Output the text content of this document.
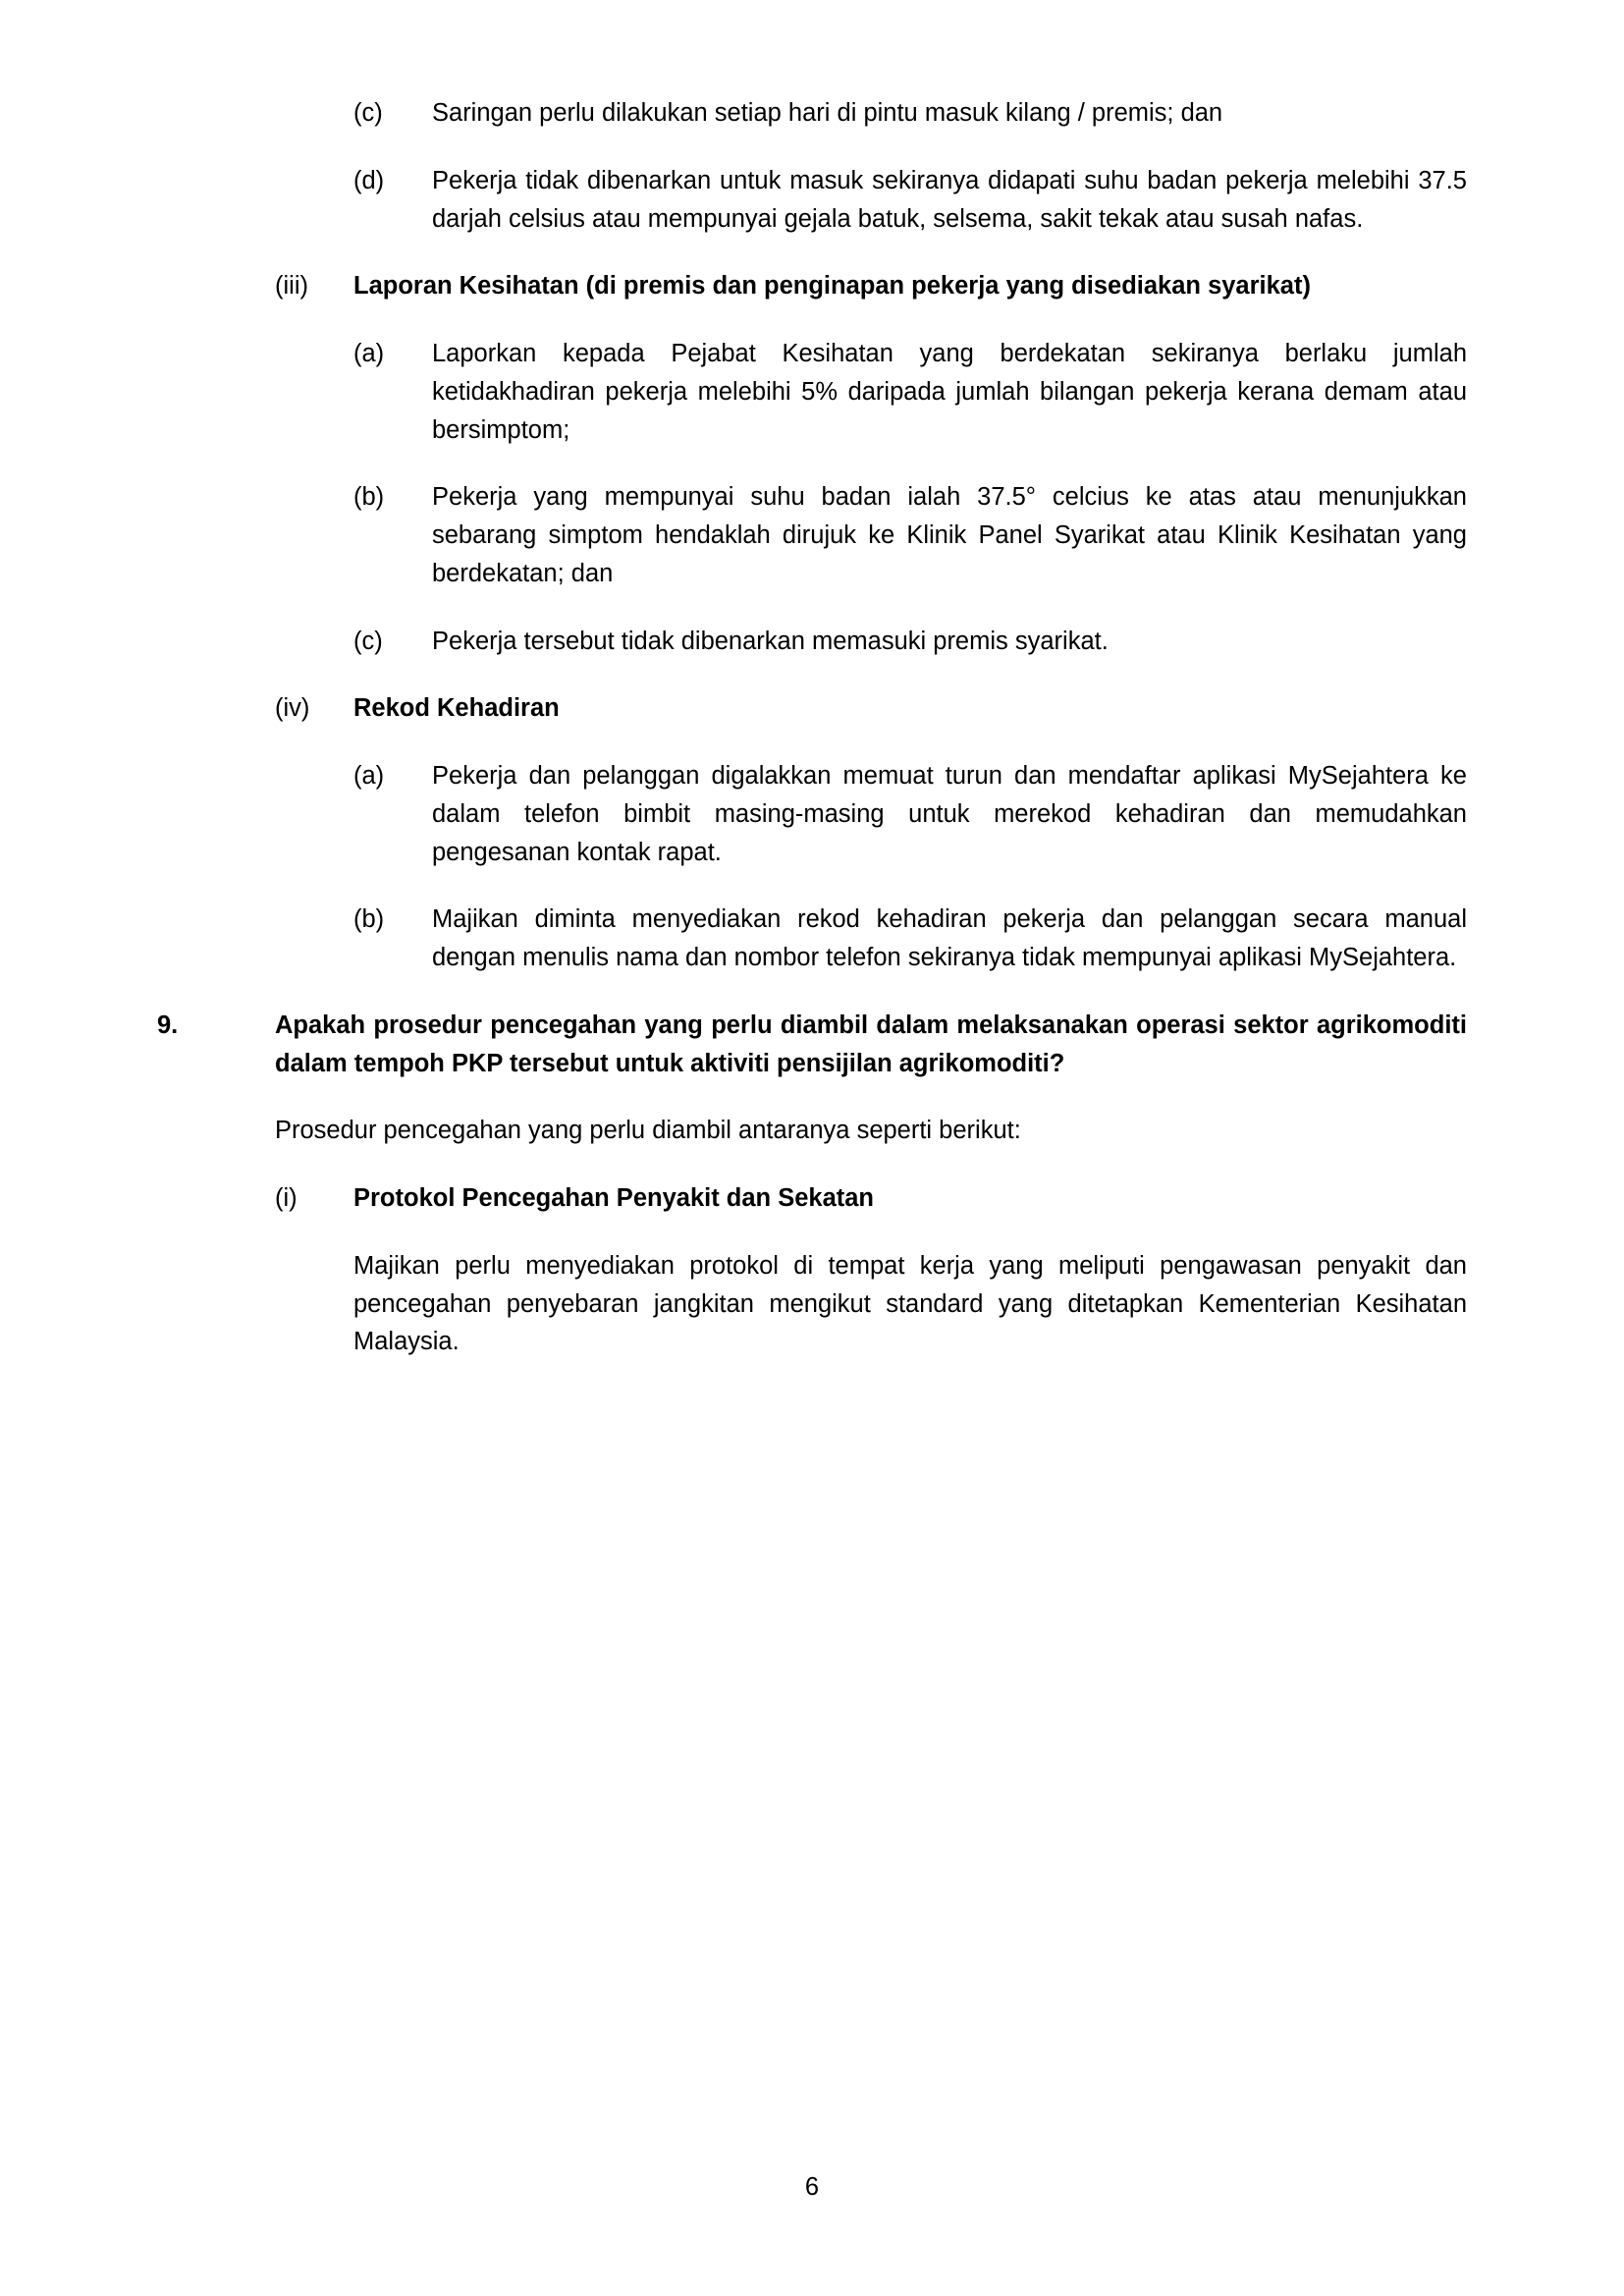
(c)	Saringan perlu dilakukan setiap hari di pintu masuk kilang / premis; dan
(d)	Pekerja tidak dibenarkan untuk masuk sekiranya didapati suhu badan pekerja melebihi 37.5 darjah celsius atau mempunyai gejala batuk, selsema, sakit tekak atau susah nafas.
(iii)	Laporan Kesihatan (di premis dan penginapan pekerja yang disediakan syarikat)
(a)	Laporkan kepada Pejabat Kesihatan yang berdekatan sekiranya berlaku jumlah ketidakhadiran pekerja melebihi 5% daripada jumlah bilangan pekerja kerana demam atau bersimptom;
(b)	Pekerja yang mempunyai suhu badan ialah 37.5° celcius ke atas atau menunjukkan sebarang simptom hendaklah dirujuk ke Klinik Panel Syarikat atau Klinik Kesihatan yang berdekatan; dan
(c)	Pekerja tersebut tidak dibenarkan memasuki premis syarikat.
(iv)	Rekod Kehadiran
(a)	Pekerja dan pelanggan digalakkan memuat turun dan mendaftar aplikasi MySejahtera ke dalam telefon bimbit masing-masing untuk merekod kehadiran dan memudahkan pengesanan kontak rapat.
(b)	Majikan diminta menyediakan rekod kehadiran pekerja dan pelanggan secara manual dengan menulis nama dan nombor telefon sekiranya tidak mempunyai aplikasi MySejahtera.
9.	Apakah prosedur pencegahan yang perlu diambil dalam melaksanakan operasi sektor agrikomoditi dalam tempoh PKP tersebut untuk aktiviti pensijilan agrikomoditi?
Prosedur pencegahan yang perlu diambil antaranya seperti berikut:
(i)	Protokol Pencegahan Penyakit dan Sekatan
Majikan perlu menyediakan protokol di tempat kerja yang meliputi pengawasan penyakit dan pencegahan penyebaran jangkitan mengikut standard yang ditetapkan Kementerian Kesihatan Malaysia.
6
